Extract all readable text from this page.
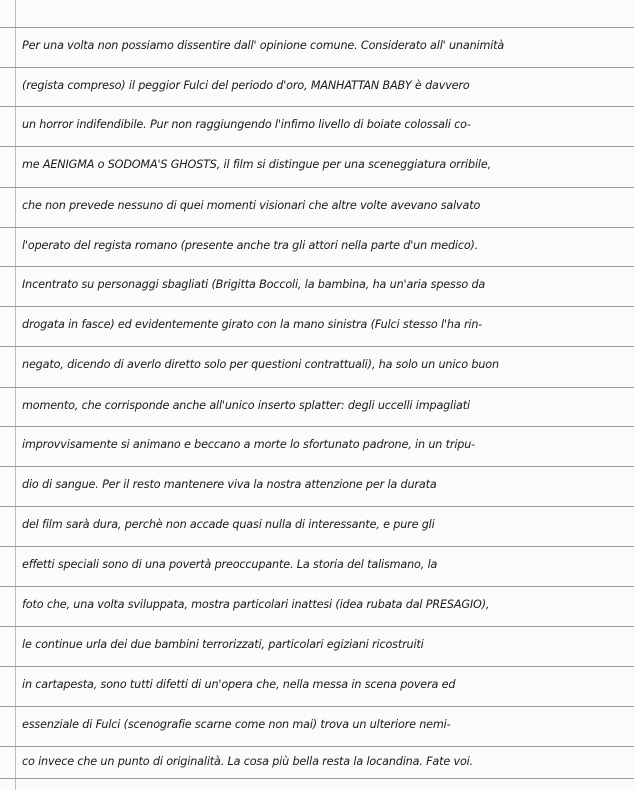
Per una volta non possiamo dissentire dall' opinione comune. Considerato all' unanimità
(regista compreso) il peggior Fulci del periodo d'oro, MANHATTAN BABY è davvero
un horror indifendibile. Pur non raggiungendo l'infimo livello di boiate colossali co-
me AENIGMA o SODOMA'S GHOSTS, il film si distingue per una sceneggiatura orribile,
che non prevede nessuno di quei momenti visionari che altre volte avevano salvato
l'operato del regista romano (presente anche tra gli attori nella parte d'un medico).
Incentrato su personaggi sbagliati (Brigitta Boccoli, la bambina, ha un'aria spesso da
drogata in fasce) ed evidentemente girato con la mano sinistra (Fulci stesso l'ha rin-
negato, dicendo di averlo diretto solo per questioni contrattuali), ha solo un unico buon
momento, che corrisponde anche all'unico inserto splatter: degli uccelli impagliati
improvvisamente si animano e beccano a morte lo sfortunato padrone, in un tripu-
dio di sangue. Per il resto mantenere viva la nostra attenzione per la durata
del film sarà dura, perchè non accade quasi nulla di interessante, e pure gli
effetti speciali sono di una povertà preoccupante. La storia del talismano, la
foto che, una volta sviluppata, mostra particolari inattesi (idea rubata dal PRESAGIO),
le continue urla dei due bambini terrorizzati, particolari egiziani ricostruiti
in cartapesta, sono tutti difetti di un'opera che, nella messa in scena povera ed
essenziale di Fulci (scenografie scarne come non mai) trova un ulteriore nemi-
co invece che un punto di originalità. La cosa più bella resta la locandina. Fate voi.
